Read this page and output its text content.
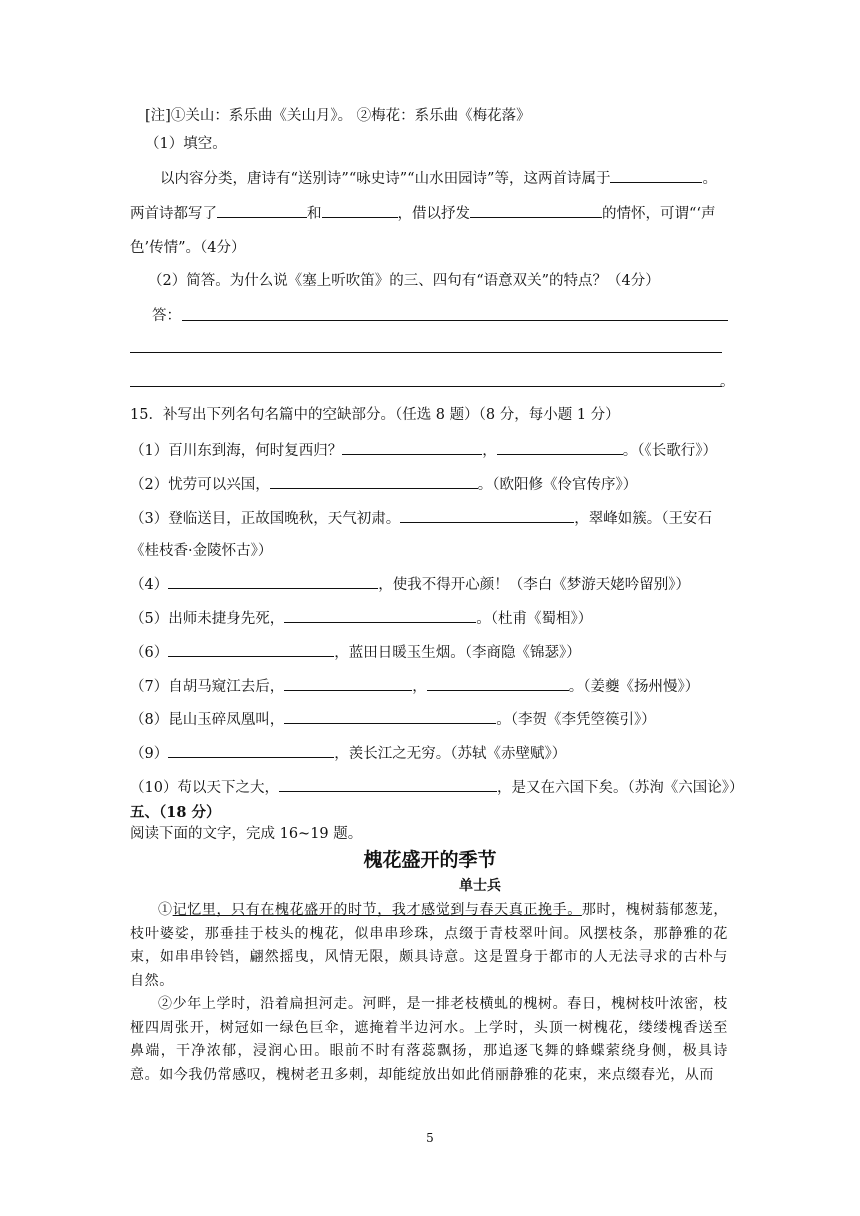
[注]①关山：系乐曲《关山月》。 ②梅花：系乐曲《梅花落》
（1）填空。
以内容分类，唐诗有“送别诗”“咏史诗”“山水田园诗”等，这两首诗属于	。
两首诗都写了	和	，借以抒发	的情怀，可谓“‘声
色’传情”。（4分）
（2）简答。为什么说《塞上听吹笛》的三、四句有“语意双关”的特点？（4分）
答：
。
15．补写出下列名句名篇中的空缺部分。（任选 8 题）（8 分，每小题 1 分）
（1）百川东到海，何时复西归？	，	。（《长歌行》）
（2）忧劳可以兴国，	。（欧阳修《伶官传序》）
（3）登临送目，正故国晚秋，天气初肃。	，翠峰如簇。（王安石
《桂枝香·金陵怀古》）
（4）	，使我不得开心颜！（李白《梦游天姥吟留别》）
（5）出师未捷身先死，	。（杜甫《蜀相》）
（6）	，蓝田日暖玉生烟。（李商隐《锦瑟》）
（7）自胡马窥江去后，	，	。（姜夔《扬州慢》）
（8）昆山玉碎凤凰叫，	。（李贺《李凭箜篌引》）
（9）	，羡长江之无穷。（苏轼《赤壁赋》）
（10）苟以天下之大，	，是又在六国下矣。（苏洵《六国论》）
五、（18 分）
阅读下面的文字，完成 16~19 题。
槐花盛开的季节
单士兵
①记忆里，只有在槐花盛开的时节，我才感觉到与春天真正挽手。那时，槐树蓊郁葱茏，枝叶婆娑，那垂挂于枝头的槐花，似串串珍珠，点缀于青枝翠叶间。风摆枝条，那静雅的花束，如串串铃铛，翩然摇曳，风情无限，颇具诗意。这是置身于都市的人无法寻求的古朴与自然。
②少年上学时，沿着扁担河走。河畔，是一排老枝横虬的槐树。春日，槐树枝叶浓密，枝桠四周张开，树冠如一绿色巨伞，遮掩着半边河水。上学时，头顶一树槐花，缕缕槐香送至鼻端，干净浓郁，浸润心田。眼前不时有落蕊飘扬，那追逐飞舞的蜂蝶萦绕身侧，极具诗意。如今我仍常感叹，槐树老丑多刺，却能绽放出如此俏丽静雅的花束，来点缀春光，从而
5
